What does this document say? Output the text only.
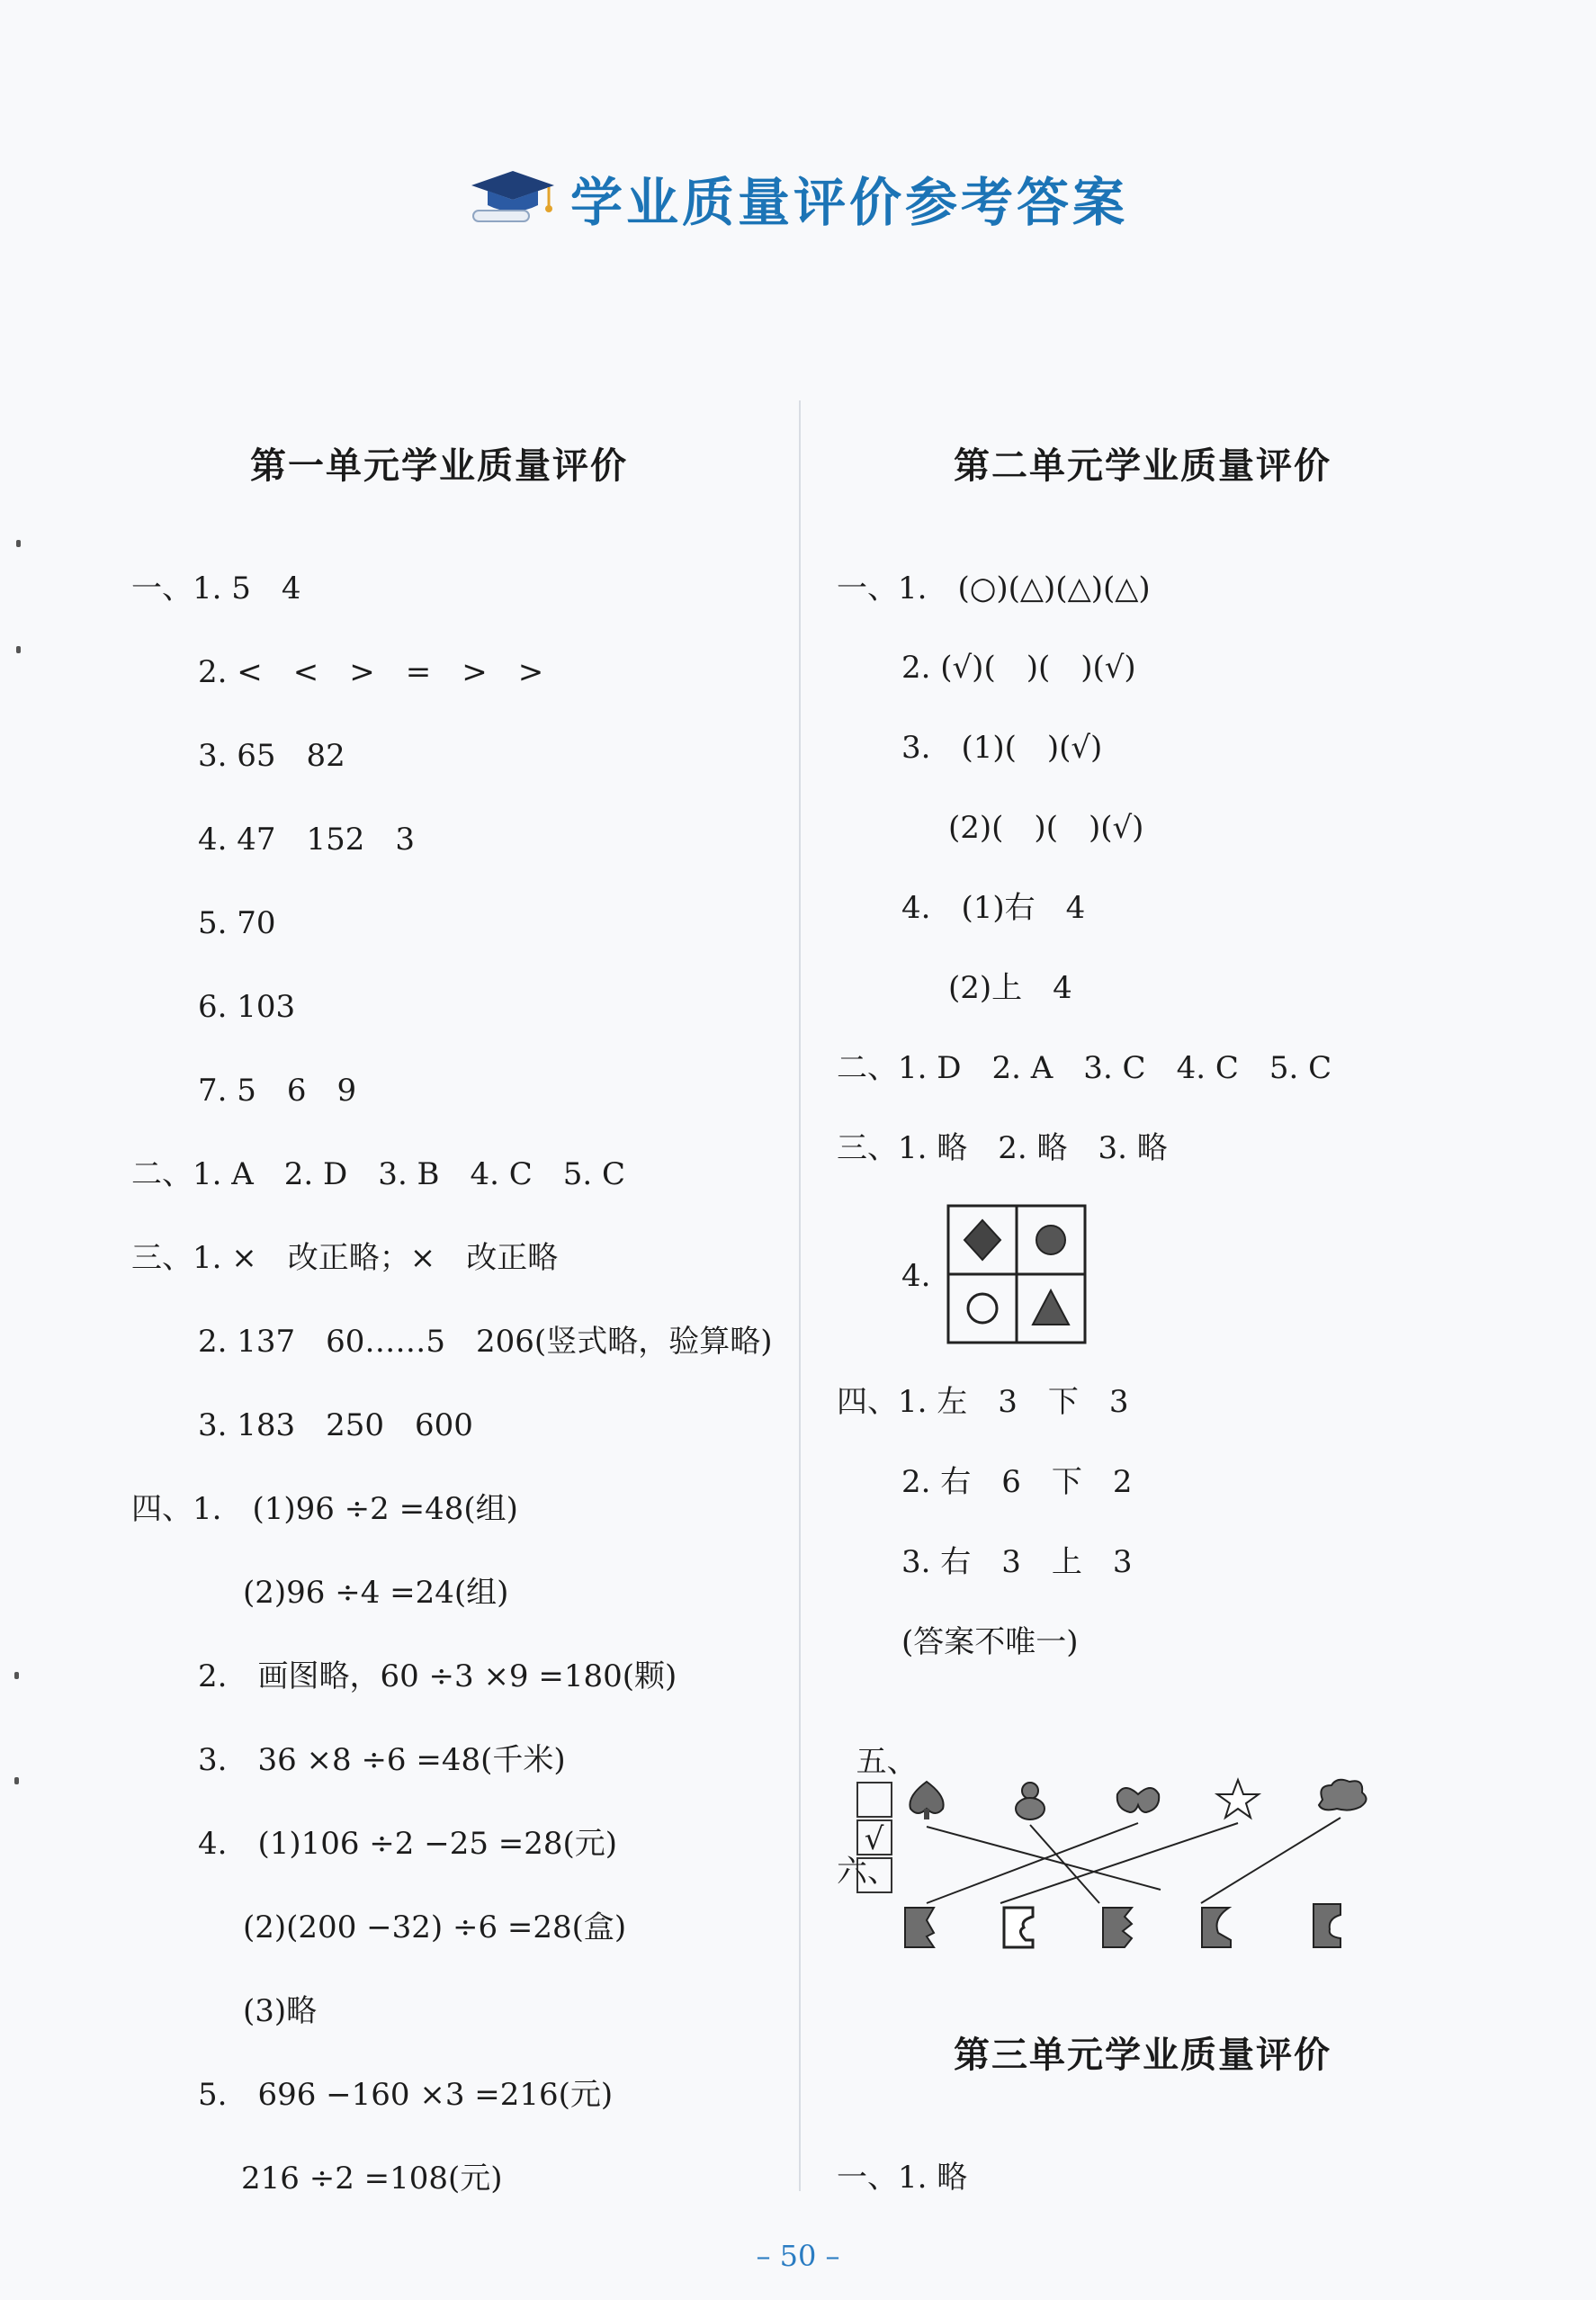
学业质量评价参考答案
第一单元学业质量评价
一、1. 5　4
2. <　<　>　=　>　>
3. 65　82
4. 47　152　3
5. 70
6. 103
7. 5　6　9
二、1. A　2. D　3. B　4. C　5. C
三、1. ×　改正略；×　改正略
2. 137　60……5　206(竖式略，验算略)
3. 183　250　600
四、1.　(1)96 ÷2 =48(组)
(2)96 ÷4 =24(组)
2.　画图略，60 ÷3 ×9 =180(颗)
3.　36 ×8 ÷6 =48(千米)
4.　(1)106 ÷2 −25 =28(元)
(2)(200 −32) ÷6 =28(盒)
(3)略
5.　696 −160 ×3 =216(元)
216 ÷2 =108(元)
第二单元学业质量评价
一、1.　(○)(△)(△)(△)
2. (√)(　)(　)(√)
3.　(1)(　)(√)
(2)(　)(　)(√)
4.　(1)右　4
(2)上　4
二、1. D　2. A　3. C　4. C　5. C
三、1. 略　2. 略　3. 略
4.
四、1. 左　3　下　3
2. 右　6　下　2
3. 右　3　上　3
(答案不唯一)

五、

√

六、
第三单元学业质量评价
一、1. 略
– 50 –
